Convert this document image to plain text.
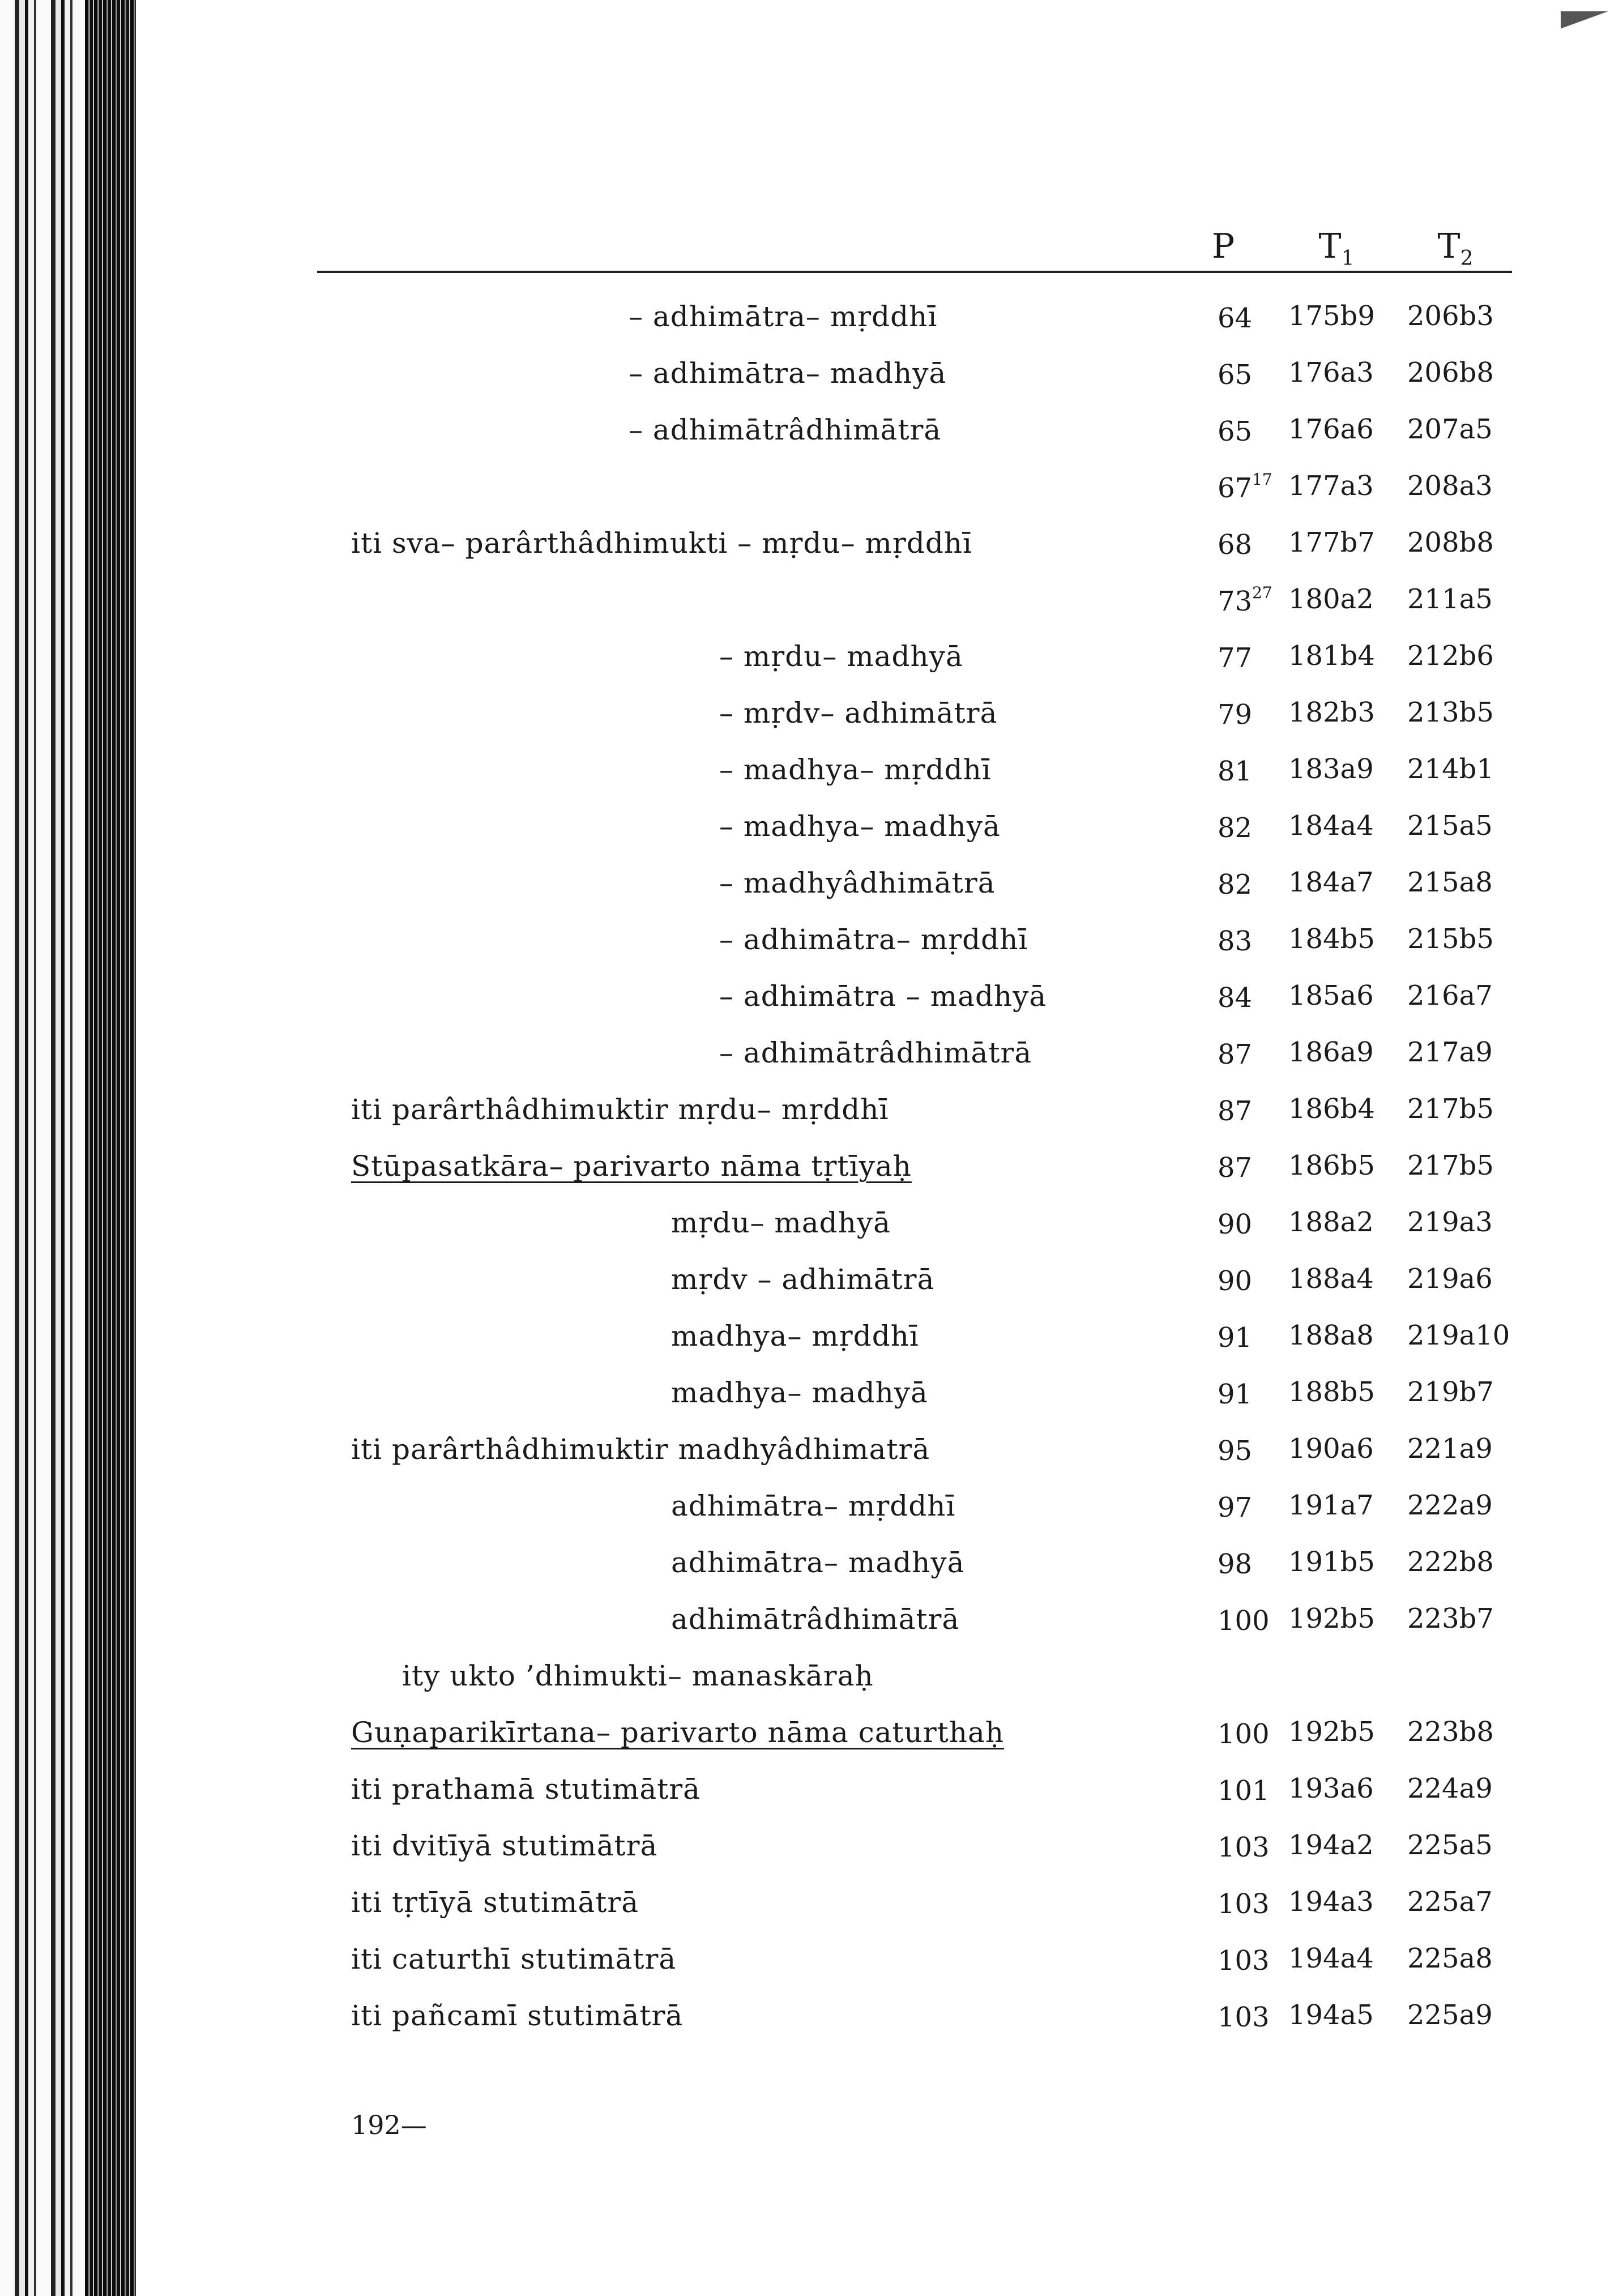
P	$T_1$	$T_2$
– adhimātra– mṛddhī	64 175b9 206b3
– adhimātra– madhyā	65 176a3 206b8
– adhimātrâdhimātrā	65 176a6 207a5
$67^{17}$ 177a3 208a3
iti sva– parârthâdhimukti – mṛdu– mṛddhī	68 177b7 208b8
$73^{27}$ 180a2 211a5
– mṛdu– madhyā	77 181b4 212b6
– mṛdv– adhimātrā	79 182b3 213b5
– madhya– mṛddhī	81 183a9 214b1
– madhya– madhyā	82 184a4 215a5
– madhyâdhimātrā	82 184a7 215a8
– adhimātra– mṛddhī	83 184b5 215b5
– adhimātra – madhyā	84 185a6 216a7
– adhimātrâdhimātrā	87 186a9 217a9
iti parârthâdhimuktir mṛdu– mṛddhī	87 186b4 217b5
Stūpasatkāra– parivarto nāma tṛtīyaḥ	87 186b5 217b5
mṛdu– madhyā	90 188a2 219a3
mṛdv – adhimātrā	90 188a4 219a6
madhya– mṛddhī	91 188a8 219a10
madhya– madhyā	91 188b5 219b7
iti parârthâdhimuktir madhyâdhimatrā	95 190a6 221a9
adhimātra– mṛddhī	97 191a7 222a9
adhimātra– madhyā	98 191b5 222b8
adhimātrâdhimātrā	100 192b5 223b7
ity ukto ’dhimukti– manaskāraḥ
Guṇaparikīrtana– parivarto nāma caturthaḥ	100 192b5 223b8
iti prathamā stutimātrā	101 193a6 224a9
iti dvitīyā stutimātrā	103 194a2 225a5
iti tṛtīyā stutimātrā	103 194a3 225a7
iti caturthī stutimātrā	103 194a4 225a8
iti pañcamī stutimātrā	103 194a5 225a9
192—
